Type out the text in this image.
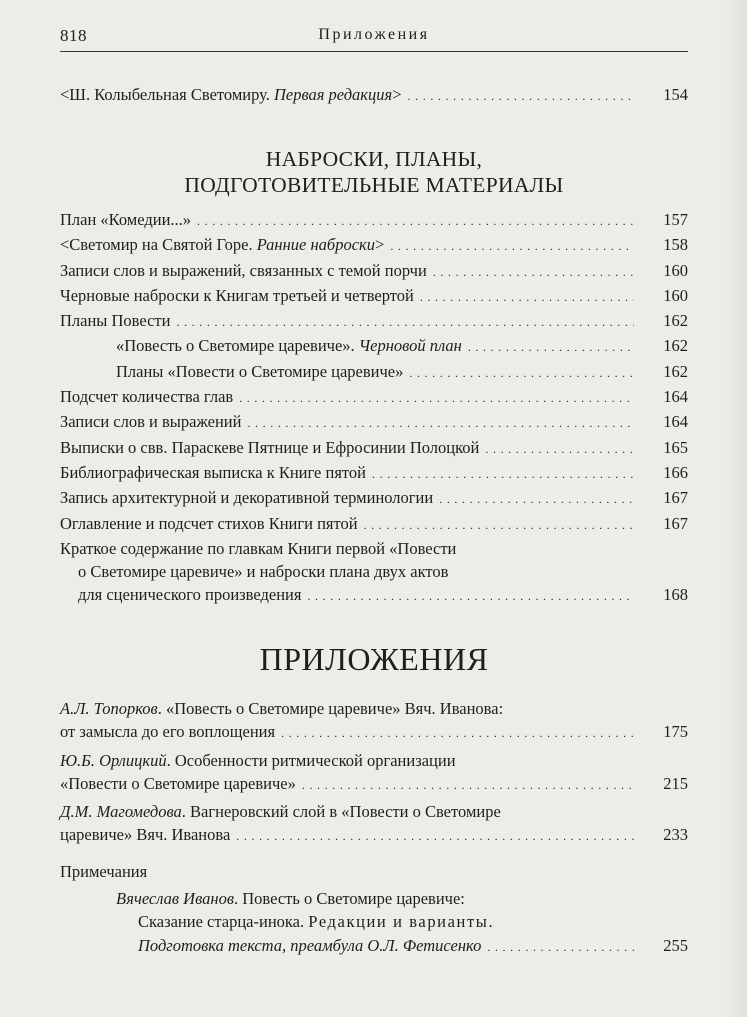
818	Приложения
<Ш. Колыбельная Светомиру. Первая редакция> . . .	154
НАБРОСКИ, ПЛАНЫ,
ПОДГОТОВИТЕЛЬНЫЕ МАТЕРИАЛЫ
План «Комедии...» . . .	157
<Светомир на Святой Горе. Ранние наброски> . . .	158
Записи слов и выражений, связанных с темой порчи . . .	160
Черновые наброски к Книгам третьей и четвертой . . .	160
Планы Повести . . .	162
«Повесть о Светомире царевиче». Черновой план . . .	162
Планы «Повести о Светомире царевиче» . . .	162
Подсчет количества глав . . .	164
Записи слов и выражений . . .	164
Выписки о свв. Параскеве Пятнице и Ефросинии Полоцкой . . .	165
Библиографическая выписка к Книге пятой . . .	166
Запись архитектурной и декоративной терминологии . . .	167
Оглавление и подсчет стихов Книги пятой . . .	167
Краткое содержание по главкам Книги первой «Повести
о Светомире царевиче» и наброски плана двух актов
для сценического произведения . . .	168
ПРИЛОЖЕНИЯ
А.Л. Топорков. «Повесть о Светомире царевиче» Вяч. Иванова:
от замысла до его воплощения . . .	175
Ю.Б. Орлицкий. Особенности ритмической организации
«Повести о Светомире царевиче» . . .	215
Д.М. Магомедова. Вагнеровский слой в «Повести о Светомире
царевиче» Вяч. Иванова . . .	233
Примечания
Вячеслав Иванов. Повесть о Светомире царевиче:
Сказание старца-инока. Редакции и варианты.
Подготовка текста, преамбула О.Л. Фетисенко . . .	255
